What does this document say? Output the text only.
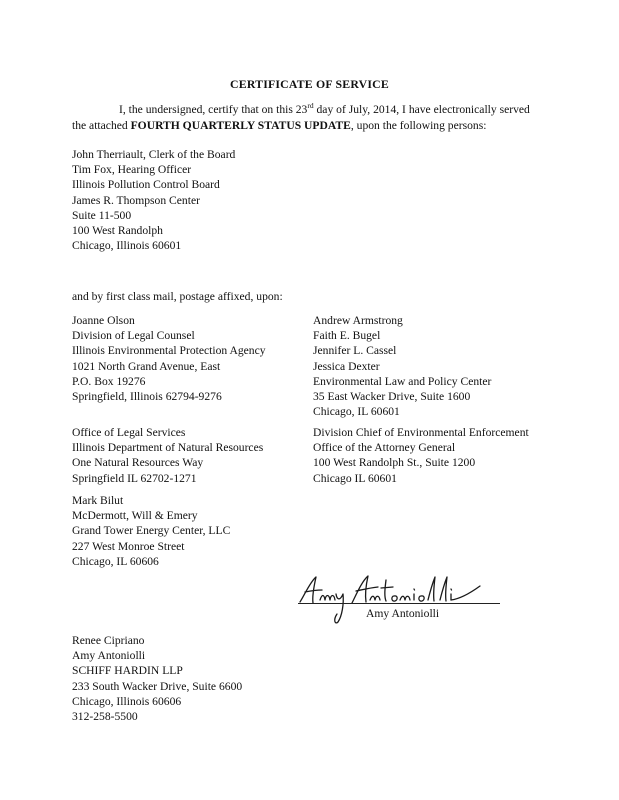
CERTIFICATE OF SERVICE
I, the undersigned, certify that on this 23rd day of July, 2014, I have electronically served
the attached FOURTH QUARTERLY STATUS UPDATE, upon the following persons:
John Therriault, Clerk of the Board
Tim Fox, Hearing Officer
Illinois Pollution Control Board
James R. Thompson Center
Suite 11-500
100 West Randolph
Chicago, Illinois 60601
and by first class mail, postage affixed, upon:
Joanne Olson
Division of Legal Counsel
Illinois Environmental Protection Agency
1021 North Grand Avenue, East
P.O. Box 19276
Springfield, Illinois 62794-9276
Office of Legal Services
Illinois Department of Natural Resources
One Natural Resources Way
Springfield IL 62702-1271
Mark Bilut
McDermott, Will & Emery
Grand Tower Energy Center, LLC
227 West Monroe Street
Chicago, IL 60606
Andrew Armstrong
Faith E. Bugel
Jennifer L. Cassel
Jessica Dexter
Environmental Law and Policy Center
35 East Wacker Drive, Suite 1600
Chicago, IL 60601
Division Chief of Environmental Enforcement
Office of the Attorney General
100 West Randolph St., Suite 1200
Chicago IL 60601
Amy Antoniolli
Renee Cipriano
Amy Antoniolli
SCHIFF HARDIN LLP
233 South Wacker Drive, Suite 6600
Chicago, Illinois 60606
312-258-5500
